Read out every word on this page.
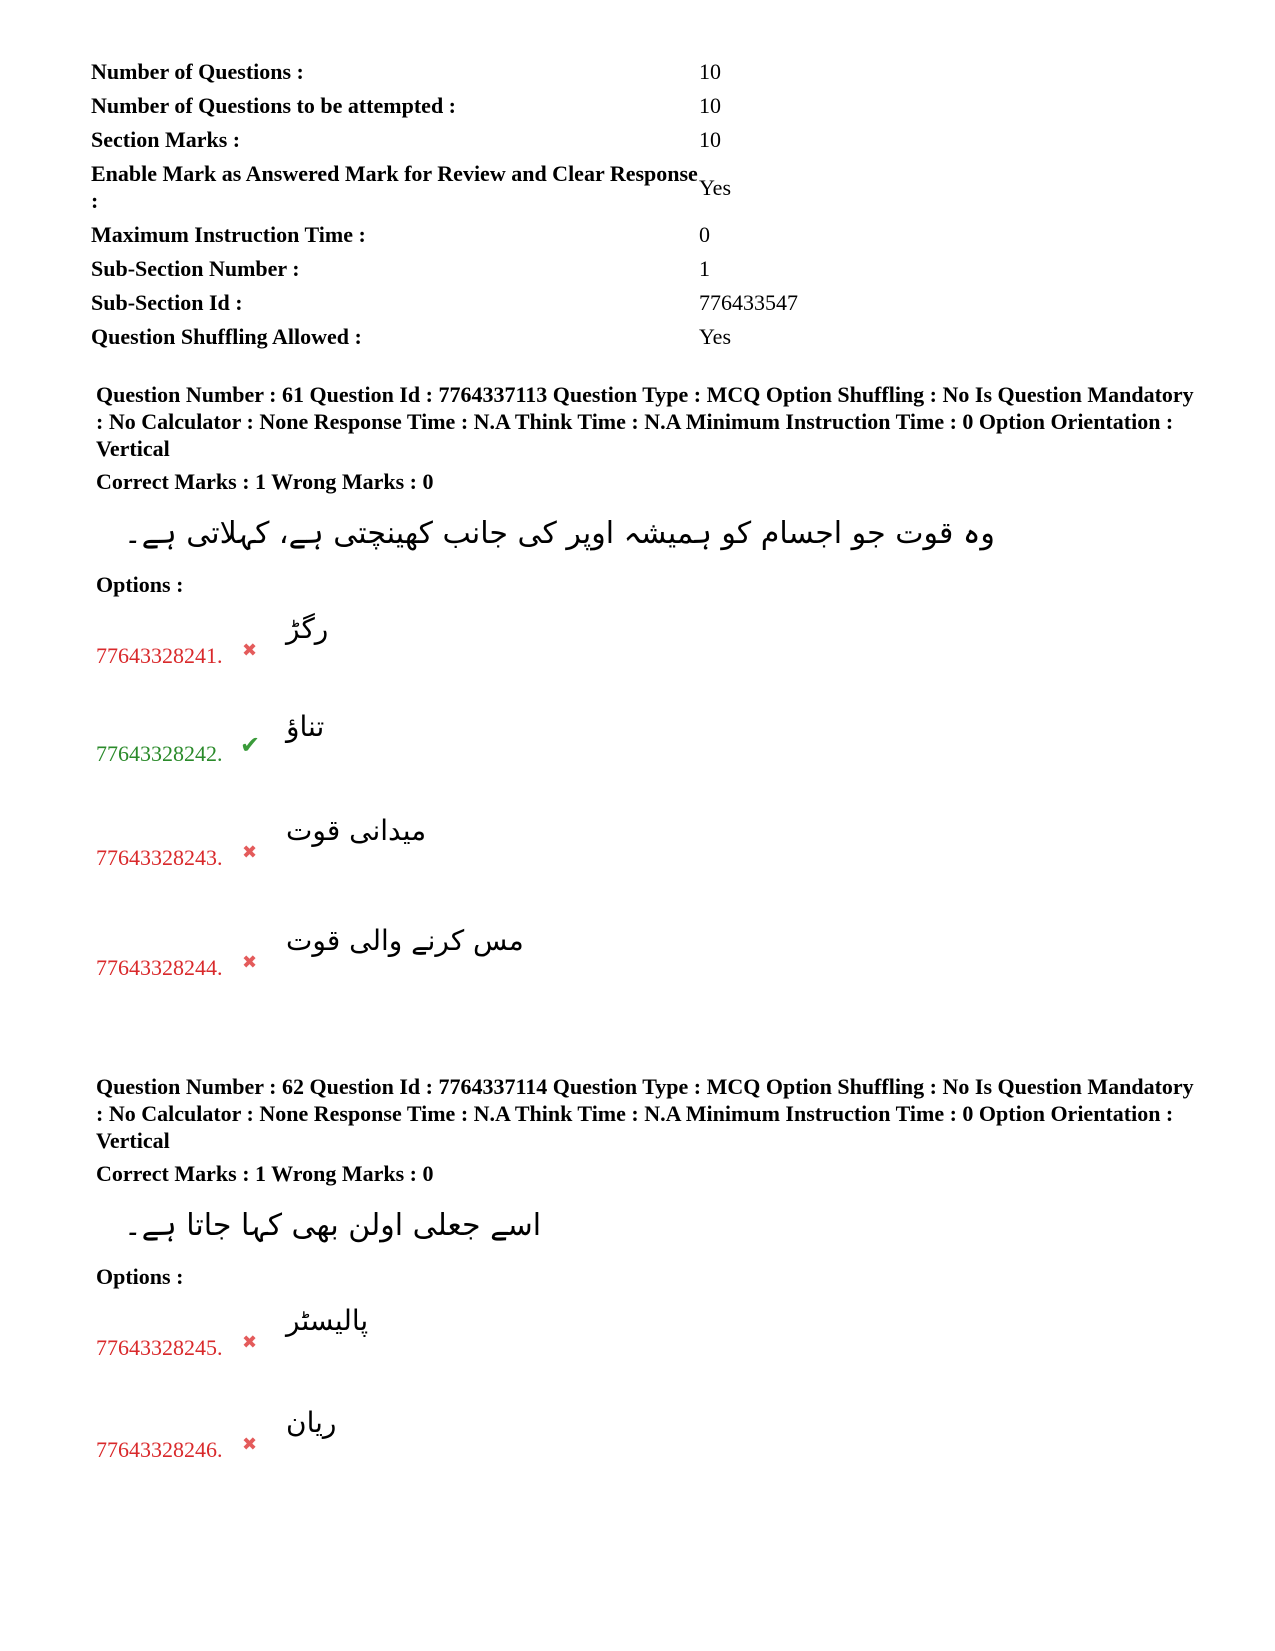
Number of Questions :	10
Number of Questions to be attempted :	10
Section Marks :	10
Enable Mark as Answered Mark for Review and Clear Response :
Yes
Maximum Instruction Time :	0
Sub-Section Number :	1
Sub-Section Id :	776433547
Question Shuffling Allowed :	Yes
Question Number : 61 Question Id : 7764337113 Question Type : MCQ Option Shuffling : No Is Question Mandatory : No Calculator : None Response Time : N.A Think Time : N.A Minimum Instruction Time : 0 Option Orientation : Vertical
Correct Marks : 1 Wrong Marks : 0
وہ قوت جو اجسام کو ہمیشہ اوپر کی جانب کھینچتی ہے، کہلاتی ہے۔
Options :
77643328241. ✖
رگڑ
77643328242. ✔
تناؤ
77643328243. ✖
میدانی قوت
77643328244. ✖
مس کرنے والی قوت
Question Number : 62 Question Id : 7764337114 Question Type : MCQ Option Shuffling : No Is Question Mandatory : No Calculator : None Response Time : N.A Think Time : N.A Minimum Instruction Time : 0 Option Orientation : Vertical
Correct Marks : 1 Wrong Marks : 0
اسے جعلی اولن بھی کہا جاتا ہے۔
Options :
77643328245. ✖
پالیسٹر
77643328246. ✖
ریان
